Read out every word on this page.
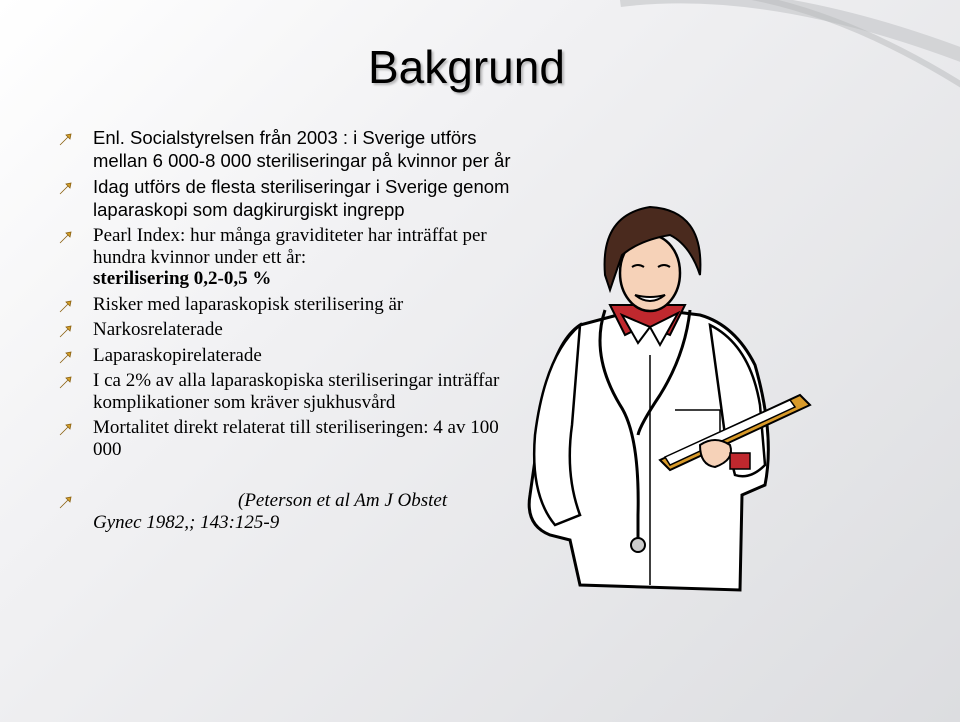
Bakgrund
Enl. Socialstyrelsen från 2003 : i Sverige utförs mellan 6 000-8 000 steriliseringar på kvinnor per år
Idag utförs de flesta steriliseringar i Sverige genom laparaskopi som dagkirurgiskt ingrepp
Pearl Index: hur många graviditeter har inträffat per hundra kvinnor under ett år:
sterilisering 0,2-0,5 %
Risker med laparaskopisk sterilisering är
Narkosrelaterade
Laparaskopirelaterade
I ca 2% av alla laparaskopiska steriliseringar inträffar komplikationer som kräver sjukhusvård
Mortalitet direkt relaterat till steriliseringen: 4 av 100 000
(Peterson et al Am J Obstet
Gynec 1982,; 143:125-9
